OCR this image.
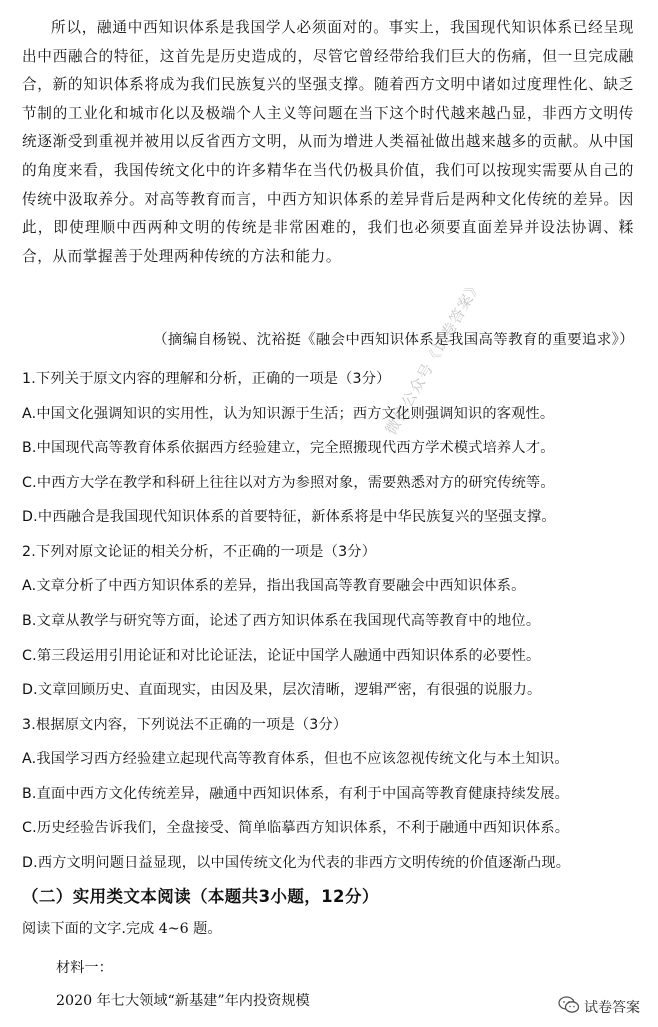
所以，融通中西知识体系是我国学人必须面对的。事实上，我国现代知识体系已经呈现出中西融合的特征，这首先是历史造成的，尽管它曾经带给我们巨大的伤痛，但一旦完成融合，新的知识体系将成为我们民族复兴的坚强支撑。随着西方文明中诸如过度理性化、缺乏节制的工业化和城市化以及极端个人主义等问题在当下这个时代越来越凸显，非西方文明传统逐渐受到重视并被用以反省西方文明，从而为增进人类福祉做出越来越多的贡献。从中国的角度来看，我国传统文化中的许多精华在当代仍极具价值，我们可以按现实需要从自己的传统中汲取养分。对高等教育而言，中西方知识体系的差异背后是两种文化传统的差异。因此，即使理顺中西两种文明的传统是非常困难的，我们也必须要直面差异并设法协调、糅合，从而掌握善于处理两种传统的方法和能力。

（摘编自杨锐、沈裕挺《融会中西知识体系是我国高等教育的重要追求》）

1.下列关于原文内容的理解和分析，正确的一项是（3分）

A.中国文化强调知识的实用性，认为知识源于生活；西方文化则强调知识的客观性。

B.中国现代高等教育体系依据西方经验建立，完全照搬现代西方学术模式培养人才。

C.中西方大学在教学和科研上往往以对方为参照对象，需要熟悉对方的研究传统等。

D.中西融合是我国现代知识体系的首要特征，新体系将是中华民族复兴的坚强支撑。

2.下列对原文论证的相关分析，不正确的一项是（3分）

A.文章分析了中西方知识体系的差异，指出我国高等教育要融会中西知识体系。

B.文章从教学与研究等方面，论述了西方知识体系在我国现代高等教育中的地位。

C.第三段运用引用论证和对比论证法，论证中国学人融通中西知识体系的必要性。

D.文章回顾历史、直面现实，由因及果，层次清晰，逻辑严密，有很强的说服力。

3.根据原文内容，下列说法不正确的一项是（3分）

A.我国学习西方经验建立起现代高等教育体系，但也不应该忽视传统文化与本土知识。

B.直面中西方文化传统差异，融通中西知识体系，有利于中国高等教育健康持续发展。

C.历史经验告诉我们，全盘接受、简单临摹西方知识体系，不利于融通中西知识体系。

D.西方文明问题日益显现，以中国传统文化为代表的非西方文明传统的价值逐渐凸现。

（二）实用类文本阅读（本题共3小题，12分）

阅读下面的文字.完成 4~6 题。

材料一：

2020 年七大领域“新基建”年内投资规模

微信公众号《试卷答案》
试卷答案
